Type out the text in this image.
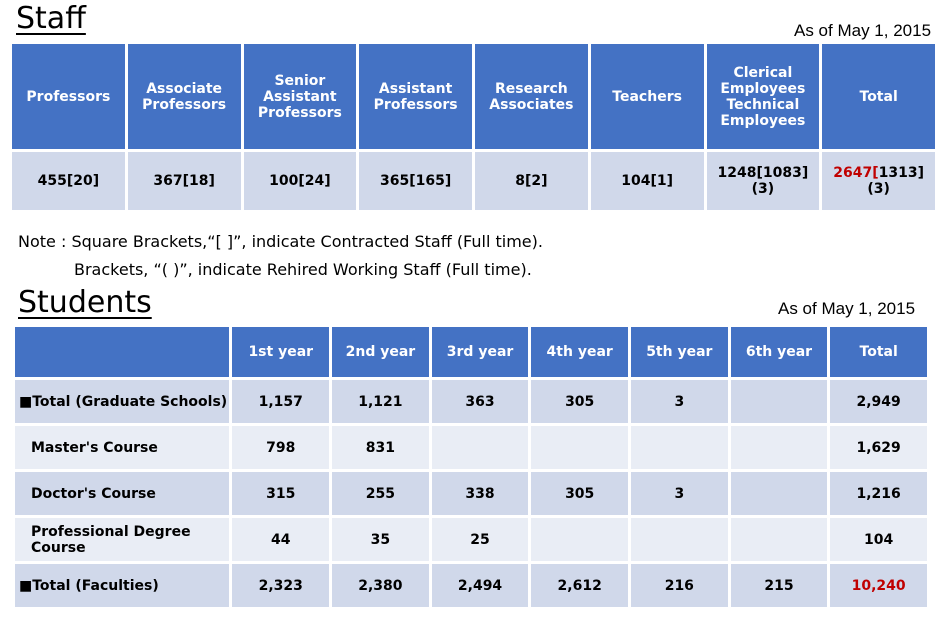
Staff	As of May 1, 2015
Professors	Associate Professors	Senior Assistant Professors	Assistant Professors	Research Associates	Teachers	Clerical Employees Technical Employees	Total
455[20]	367[18]	100[24]	365[165]	8[2]	104[1]	1248[1083](3)	2647[1313](3)
Note : Square Brackets,“[ ]”, indicate Contracted Staff (Full time).
Brackets, “( )”, indicate Rehired Working Staff (Full time).
Students	As of May 1, 2015
	1st year	2nd year	3rd year	4th year	5th year	6th year	Total
■Total (Graduate Schools)	1,157	1,121	363	305	3		2,949
Master's Course	798	831					1,629
Doctor's Course	315	255	338	305	3		1,216
Professional Degree Course	44	35	25				104
■Total (Faculties)	2,323	2,380	2,494	2,612	216	215	10,240
